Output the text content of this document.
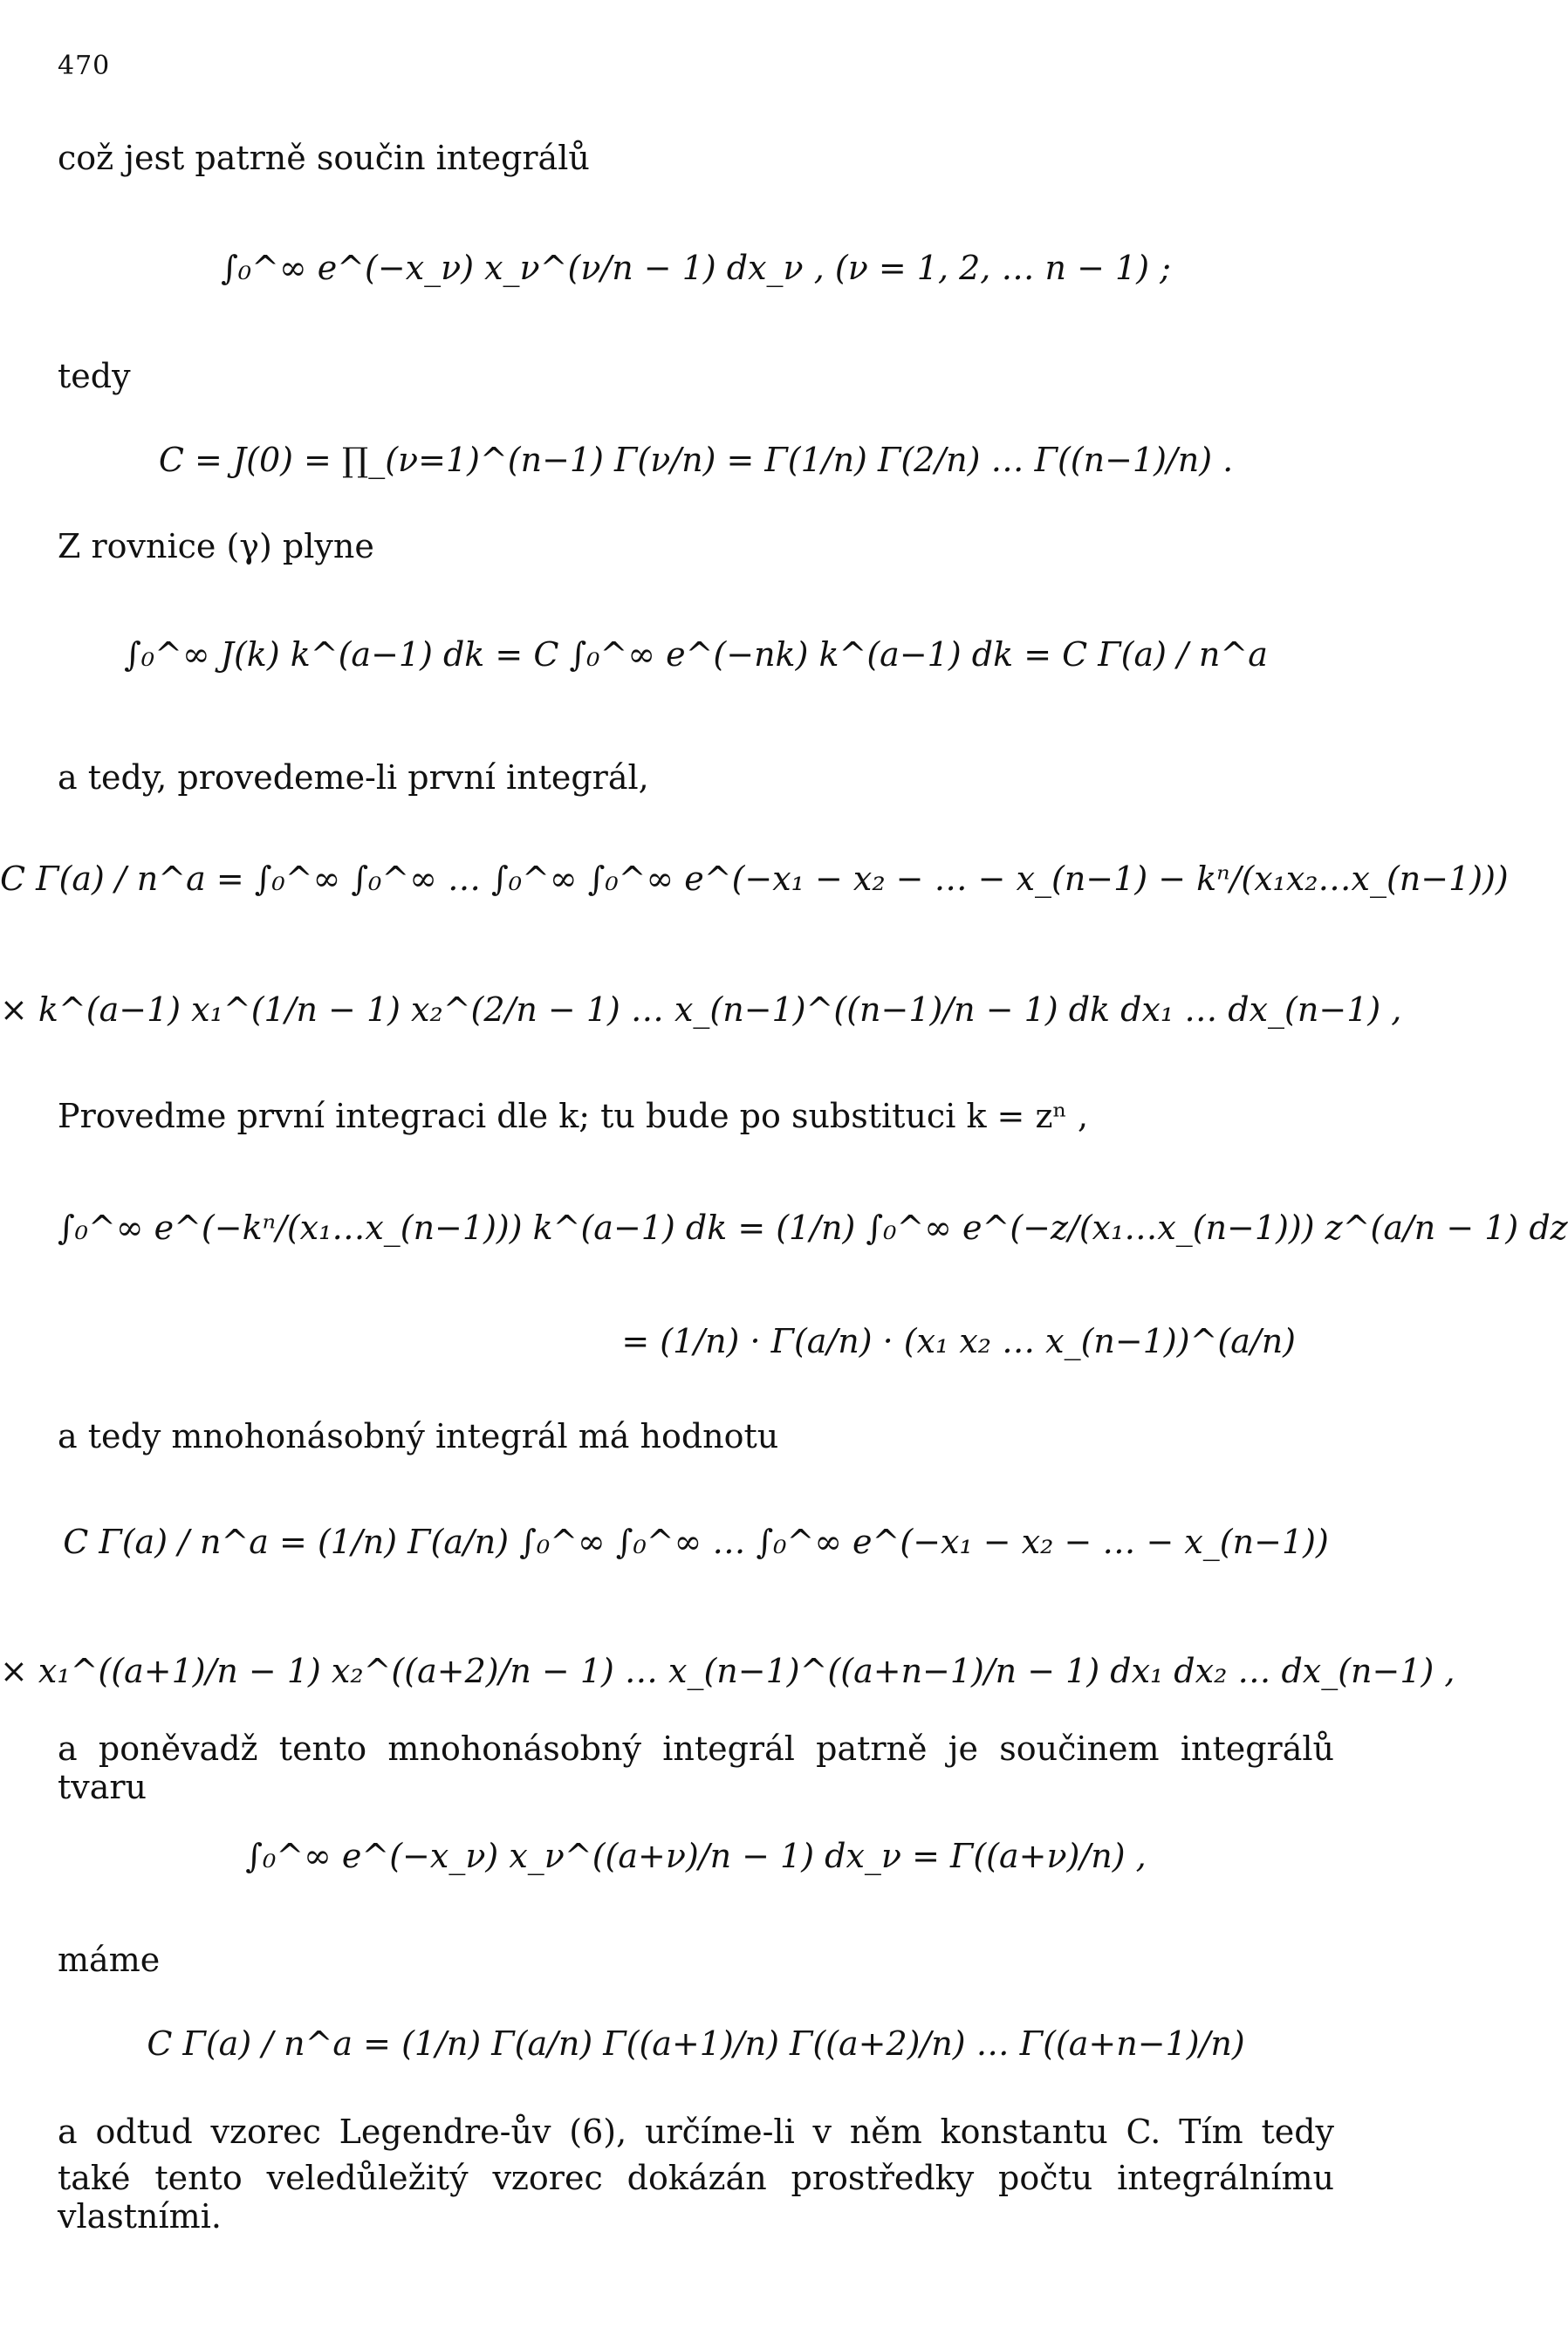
470
což jest patrně součin integrálů
∫₀^∞ e^(−x_ν) x_ν^(ν/n − 1) dx_ν , (ν = 1, 2, … n − 1) ;
tedy
C = J(0) = ∏_(ν=1)^(n−1) Γ(ν/n) = Γ(1/n) Γ(2/n) … Γ((n−1)/n) .
Z rovnice (γ) plyne
∫₀^∞ J(k) k^(a−1) dk = C ∫₀^∞ e^(−nk) k^(a−1) dk = C Γ(a) / n^a
a tedy, provedeme-li první integrál,
C Γ(a) / n^a = ∫₀^∞ ∫₀^∞ … ∫₀^∞ ∫₀^∞ e^(−x₁ − x₂ − … − x_(n−1) − kⁿ/(x₁x₂…x_(n−1)))
× k^(a−1) x₁^(1/n − 1) x₂^(2/n − 1) … x_(n−1)^((n−1)/n − 1) dk dx₁ … dx_(n−1) ,
Provedme první integraci dle k; tu bude po substituci k = zⁿ ,
∫₀^∞ e^(−kⁿ/(x₁…x_(n−1))) k^(a−1) dk = (1/n) ∫₀^∞ e^(−z/(x₁…x_(n−1))) z^(a/n − 1) dz
= (1/n) · Γ(a/n) · (x₁ x₂ … x_(n−1))^(a/n)
a tedy mnohonásobný integrál má hodnotu
C Γ(a) / n^a = (1/n) Γ(a/n) ∫₀^∞ ∫₀^∞ … ∫₀^∞ e^(−x₁ − x₂ − … − x_(n−1))
× x₁^((a+1)/n − 1) x₂^((a+2)/n − 1) … x_(n−1)^((a+n−1)/n − 1) dx₁ dx₂ … dx_(n−1) ,
a poněvadž tento mnohonásobný integrál patrně je součinem integrálů tvaru
∫₀^∞ e^(−x_ν) x_ν^((a+ν)/n − 1) dx_ν = Γ((a+ν)/n) ,
máme
C Γ(a) / n^a = (1/n) Γ(a/n) Γ((a+1)/n) Γ((a+2)/n) … Γ((a+n−1)/n)
a odtud vzorec Legendre-ův (6), určíme-li v něm konstantu C. Tím tedy
také tento veledůležitý vzorec dokázán prostředky počtu integrálnímu vlastními.
